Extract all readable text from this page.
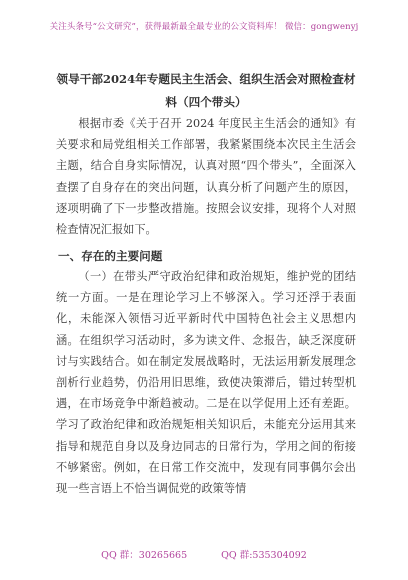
关注头条号“公文研究”，获得最新最全最专业的公文资料库！ 微信：gongwenyj
领导干部2024年专题民主生活会、组织生活会对照检查材料（四个带头）
根据市委《关于召开 2024 年度民主生活会的通知》有关要求和局党组相关工作部署，我紧紧围绕本次民主生活会主题，结合自身实际情况，认真对照“四个带头”，全面深入查摆了自身存在的突出问题，认真分析了问题产生的原因，逐项明确了下一步整改措施。按照会议安排，现将个人对照检查情况汇报如下。
一、存在的主要问题
（一）在带头严守政治纪律和政治规矩，维护党的团结统一方面。一是在理论学习上不够深入。学习还浮于表面化，未能深入领悟习近平新时代中国特色社会主义思想内涵。在组织学习活动时，多为读文件、念报告，缺乏深度研讨与实践结合。如在制定发展战略时，无法运用新发展理念剖析行业趋势，仍沿用旧思维，致使决策滞后，错过转型机遇，在市场竞争中渐趋被动。二是在以学促用上还有差距。学习了政治纪律和政治规矩相关知识后，未能充分运用其来指导和规范自身以及身边同志的日常行为，学用之间的衔接不够紧密。例如，在日常工作交流中，发现有同事偶尔会出现一些言语上不恰当调侃党的政策等情
QQ 群：30265665	QQ 群:535304092
